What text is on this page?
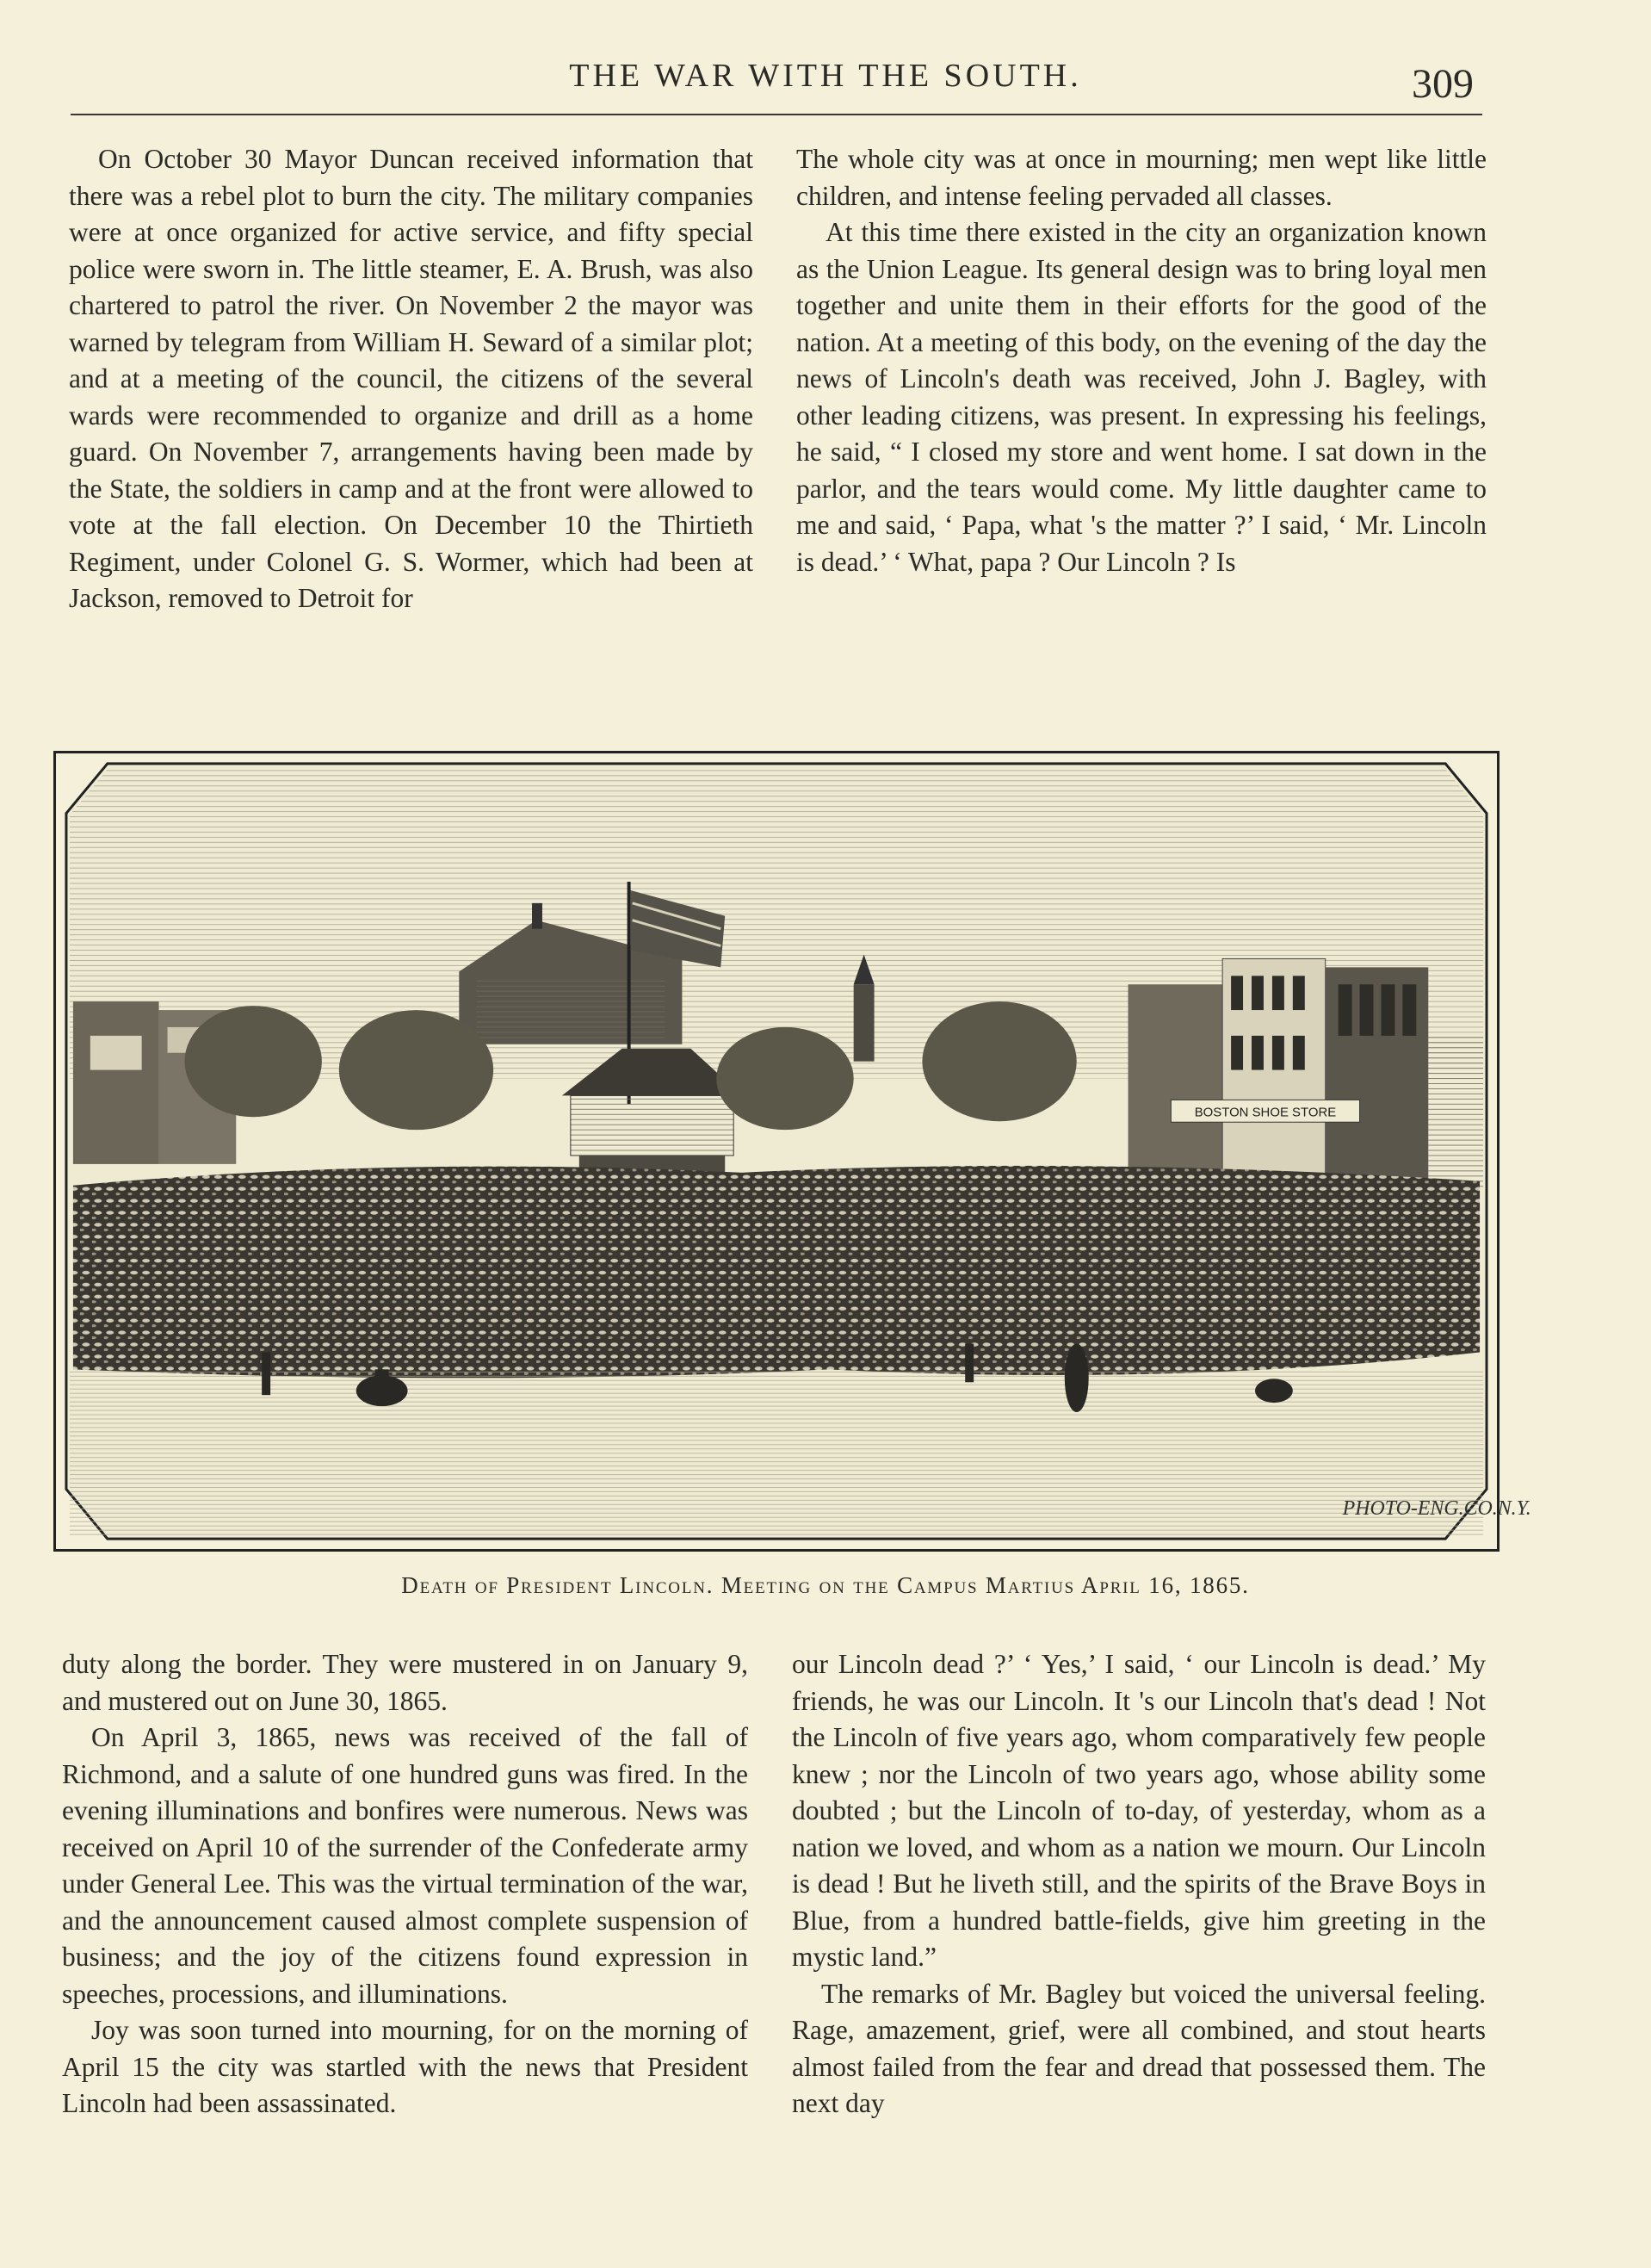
THE WAR WITH THE SOUTH.	309

On October 30 Mayor Duncan received information that there was a rebel plot to burn the city. The military companies were at once organized for active service, and fifty special police were sworn in. The little steamer, E. A. Brush, was also chartered to patrol the river. On November 2 the mayor was warned by telegram from William H. Seward of a similar plot; and at a meeting of the council, the citizens of the several wards were recommended to organize and drill as a home guard. On November 7, arrangements having been made by the State, the soldiers in camp and at the front were allowed to vote at the fall election. On December 10 the Thirtieth Regiment, under Colonel G. S. Wormer, which had been at Jackson, removed to Detroit for

The whole city was at once in mourning; men wept like little children, and intense feeling pervaded all classes.

At this time there existed in the city an organization known as the Union League. Its general design was to bring loyal men together and unite them in their efforts for the good of the nation. At a meeting of this body, on the evening of the day the news of Lincoln's death was received, John J. Bagley, with other leading citizens, was present. In expressing his feelings, he said, “ I closed my store and went home. I sat down in the parlor, and the tears would come. My little daughter came to me and said, ‘ Papa, what 's the matter ?’ I said, ‘ Mr. Lincoln is dead.’ ‘ What, papa ? Our Lincoln ? Is

BOSTON SHOE STORE
PHOTO-ENG.CO.N.Y.
Death of President Lincoln. Meeting on the Campus Martius April 16, 1865.

duty along the border. They were mustered in on January 9, and mustered out on June 30, 1865.

On April 3, 1865, news was received of the fall of Richmond, and a salute of one hundred guns was fired. In the evening illuminations and bonfires were numerous. News was received on April 10 of the surrender of the Confederate army under General Lee. This was the virtual termination of the war, and the announcement caused almost complete suspension of business; and the joy of the citizens found expression in speeches, processions, and illuminations.

Joy was soon turned into mourning, for on the morning of April 15 the city was startled with the news that President Lincoln had been assassinated.

our Lincoln dead ?’ ‘ Yes,’ I said, ‘ our Lincoln is dead.’ My friends, he was our Lincoln. It 's our Lincoln that's dead ! Not the Lincoln of five years ago, whom comparatively few people knew ; nor the Lincoln of two years ago, whose ability some doubted ; but the Lincoln of to-day, of yesterday, whom as a nation we loved, and whom as a nation we mourn. Our Lincoln is dead ! But he liveth still, and the spirits of the Brave Boys in Blue, from a hundred battle-fields, give him greeting in the mystic land.”

The remarks of Mr. Bagley but voiced the universal feeling. Rage, amazement, grief, were all combined, and stout hearts almost failed from the fear and dread that possessed them. The next day
